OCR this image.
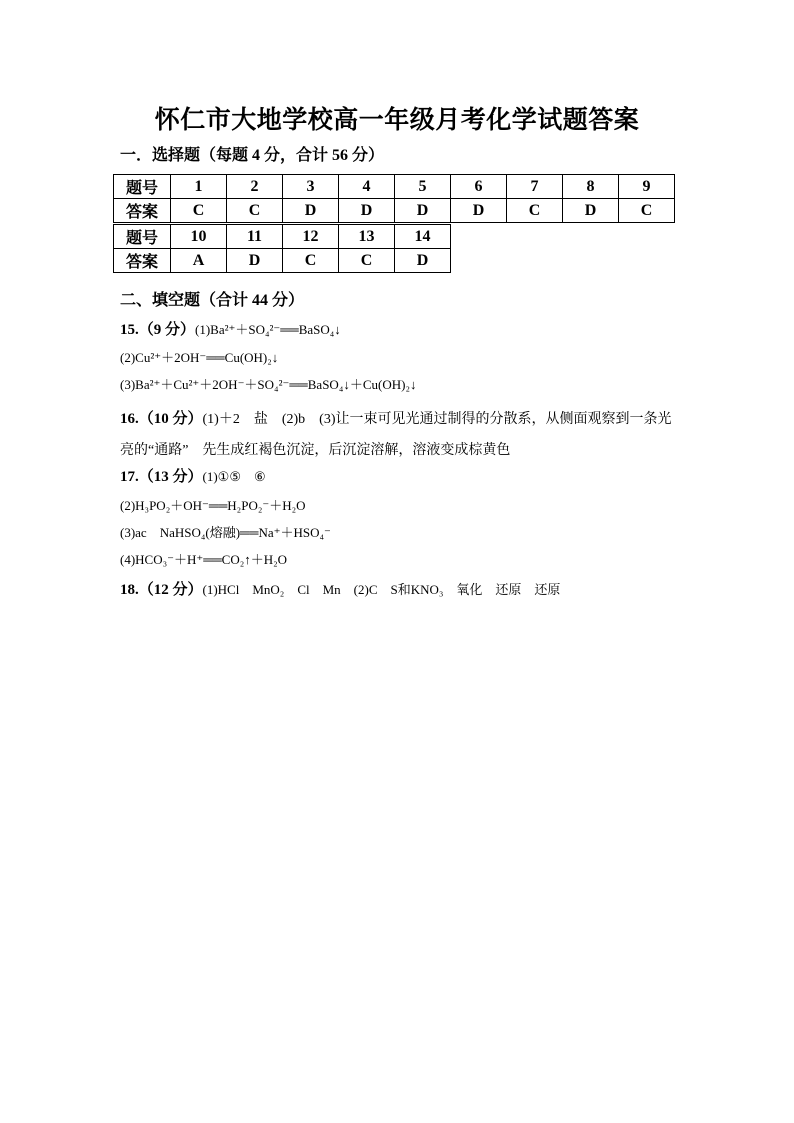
怀仁市大地学校高一年级月考化学试题答案
一．选择题（每题 4 分，合计 56 分）
题号	1	2	3	4	5	6	7	8	9
答案	C	C	D	D	D	D	C	D	C
题号	10	11	12	13	14
答案	A	D	C	C	D
二、填空题（合计 44 分）
15.（9 分）(1)Ba²⁺＋SO₄²⁻══BaSO₄↓
(2)Cu²⁺＋2OH⁻══Cu(OH)₂↓
(3)Ba²⁺＋Cu²⁺＋2OH⁻＋SO₄²⁻══BaSO₄↓＋Cu(OH)₂↓
16.（10 分）(1)＋2　盐　(2)b　(3)让一束可见光通过制得的分散系，从侧面观察到一条光
亮的“通路”　先生成红褐色沉淀，后沉淀溶解，溶液变成棕黄色
17.（13 分）(1)①⑤　⑥
(2)H₃PO₂＋OH⁻══H₂PO₂⁻＋H₂O
(3)ac　NaHSO₄(熔融)══Na⁺＋HSO₄⁻
(4)HCO₃⁻＋H⁺══CO₂↑＋H₂O
18.（12 分）(1)HCl　MnO₂　Cl　Mn　(2)C　S和KNO₃　氧化　还原　还原
